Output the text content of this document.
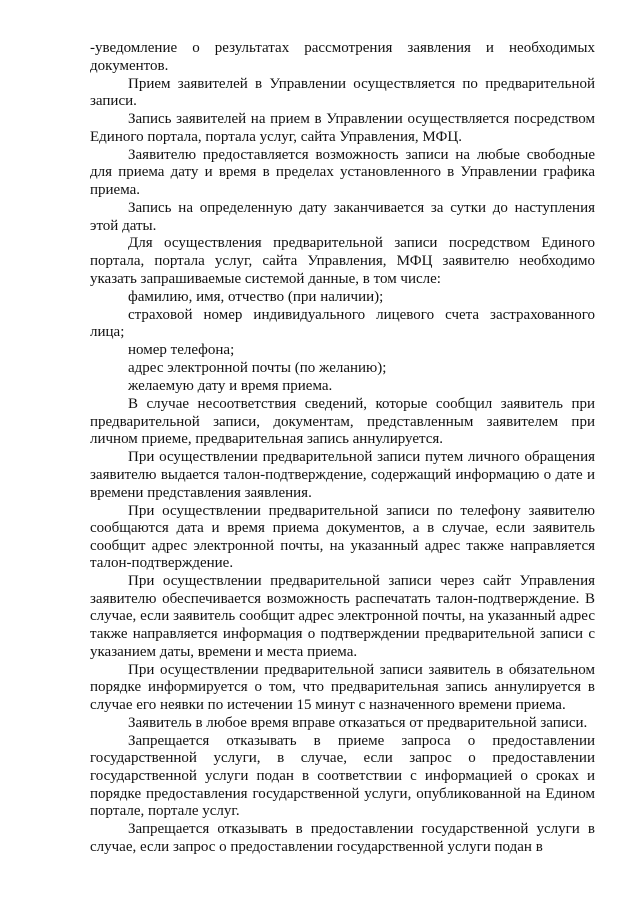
-уведомление о результатах рассмотрения заявления и необходимых документов.

Прием заявителей в Управлении осуществляется по предварительной записи.

Запись заявителей на прием в Управлении осуществляется посредством Единого портала, портала услуг, сайта Управления, МФЦ.

Заявителю предоставляется возможность записи на любые свободные для приема дату и время в пределах установленного в Управлении графика приема.

Запись на определенную дату заканчивается за сутки до наступления этой даты.

Для осуществления предварительной записи посредством Единого портала, портала услуг, сайта Управления, МФЦ заявителю необходимо указать запрашиваемые системой данные, в том числе:

фамилию, имя, отчество (при наличии);

страховой номер индивидуального лицевого счета застрахованного лица;

номер телефона;

адрес электронной почты (по желанию);

желаемую дату и время приема.

В случае несоответствия сведений, которые сообщил заявитель при предварительной записи, документам, представленным заявителем при личном приеме, предварительная запись аннулируется.

При осуществлении предварительной записи путем личного обращения заявителю выдается талон-подтверждение, содержащий информацию о дате и времени представления заявления.

При осуществлении предварительной записи по телефону заявителю сообщаются дата и время приема документов, а в случае, если заявитель сообщит адрес электронной почты, на указанный адрес также направляется талон-подтверждение.

При осуществлении предварительной записи через сайт Управления заявителю обеспечивается возможность распечатать талон-подтверждение. В случае, если заявитель сообщит адрес электронной почты, на указанный адрес также направляется информация о подтверждении предварительной записи с указанием даты, времени и места приема.

При осуществлении предварительной записи заявитель в обязательном порядке информируется о том, что предварительная запись аннулируется в случае его неявки по истечении 15 минут с назначенного времени приема.

Заявитель в любое время вправе отказаться от предварительной записи.

Запрещается отказывать в приеме запроса о предоставлении государственной услуги, в случае, если запрос о предоставлении государственной услуги подан в соответствии с информацией о сроках и порядке предоставления государственной услуги, опубликованной на Едином портале, портале услуг.

Запрещается отказывать в предоставлении государственной услуги в случае, если запрос о предоставлении государственной услуги подан в
